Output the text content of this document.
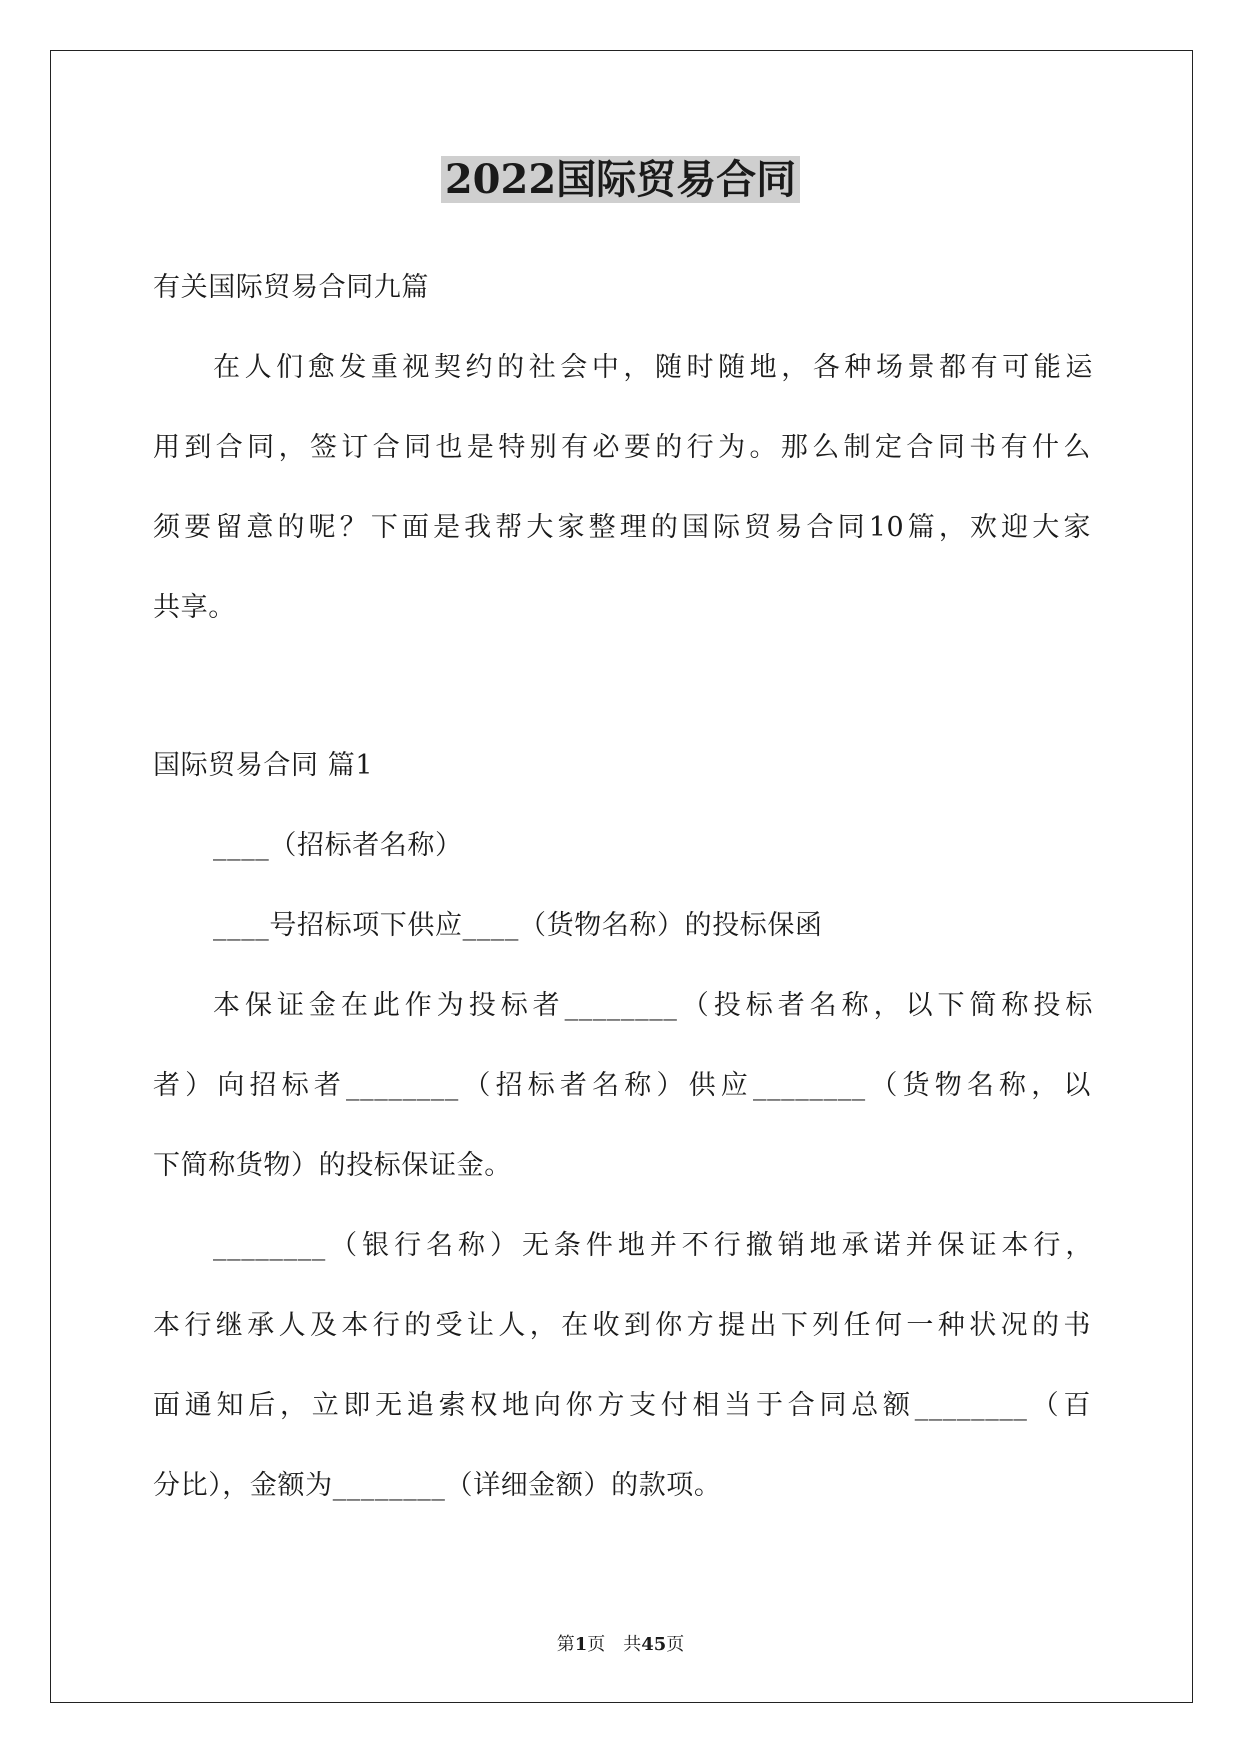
2022国际贸易合同
有关国际贸易合同九篇
在人们愈发重视契约的社会中，随时随地，各种场景都有可能运
用到合同，签订合同也是特别有必要的行为。那么制定合同书有什么
须要留意的呢？下面是我帮大家整理的国际贸易合同10篇，欢迎大家
共享。
国际贸易合同 篇1
____（招标者名称）
____号招标项下供应____（货物名称）的投标保函
本保证金在此作为投标者________（投标者名称，以下简称投标
者）向招标者________（招标者名称）供应________（货物名称，以
下简称货物）的投标保证金。
________（银行名称）无条件地并不行撤销地承诺并保证本行，
本行继承人及本行的受让人，在收到你方提出下列任何一种状况的书
面通知后，立即无追索权地向你方支付相当于合同总额________（百
分比），金额为________（详细金额）的款项。
第1页　共45页
